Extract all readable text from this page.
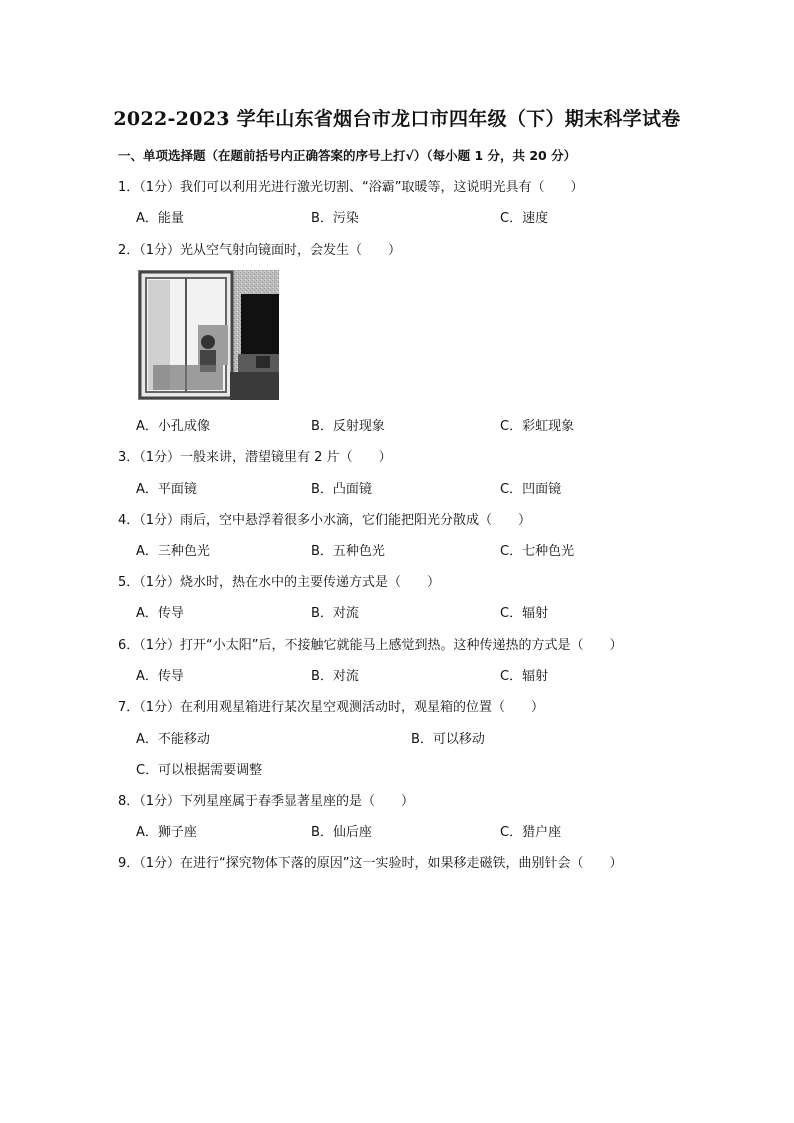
2022-2023 学年山东省烟台市龙口市四年级（下）期末科学试卷
一、单项选择题（在题前括号内正确答案的序号上打√）（每小题 1 分，共 20 分）
1．（1分）我们可以利用光进行激光切割、“浴霸”取暖等，这说明光具有（　　）
A．能量	B．污染	C．速度
2．（1分）光从空气射向镜面时，会发生（　　）
A．小孔成像	B．反射现象	C．彩虹现象
3．（1分）一般来讲，潜望镜里有 2 片（　　）
A．平面镜	B．凸面镜	C．凹面镜
4．（1分）雨后，空中悬浮着很多小水滴，它们能把阳光分散成（　　）
A．三种色光	B．五种色光	C．七种色光
5．（1分）烧水时，热在水中的主要传递方式是（　　）
A．传导	B．对流	C．辐射
6．（1分）打开“小太阳”后，不接触它就能马上感觉到热。这种传递热的方式是（　　）
A．传导	B．对流	C．辐射
7．（1分）在利用观星箱进行某次星空观测活动时，观星箱的位置（　　）
A．不能移动	B．可以移动
C．可以根据需要调整
8．（1分）下列星座属于春季显著星座的是（　　）
A．狮子座	B．仙后座	C．猎户座
9．（1分）在进行“探究物体下落的原因”这一实验时，如果移走磁铁，曲别针会（　　）
